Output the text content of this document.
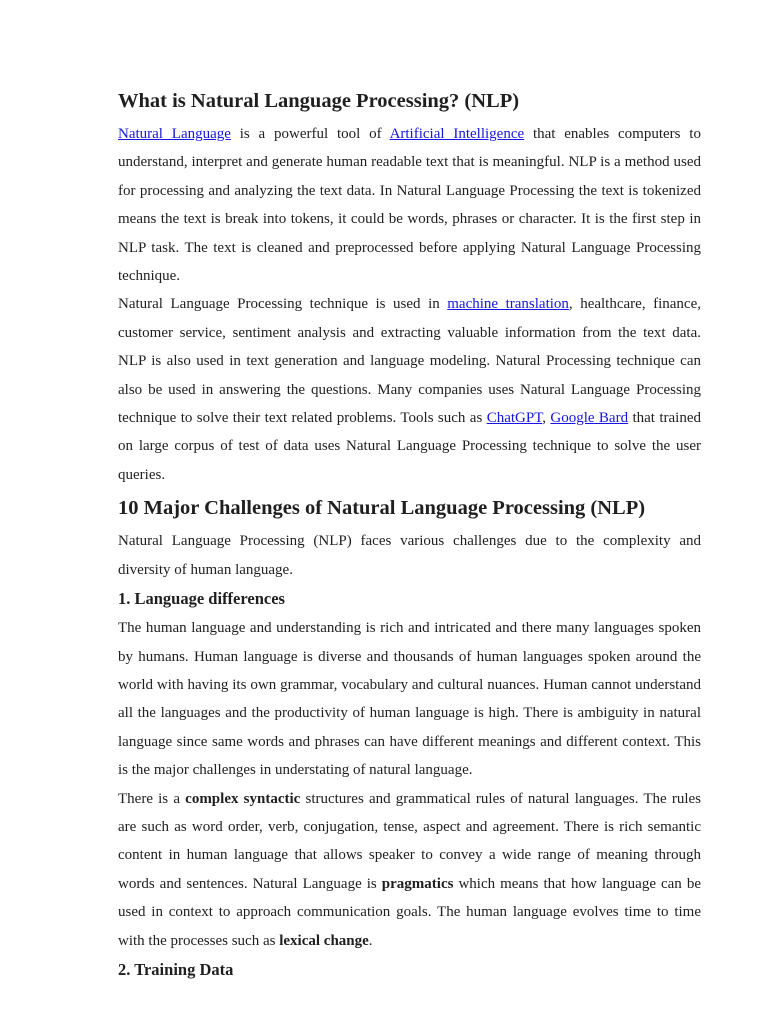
What is Natural Language Processing? (NLP)

Natural Language is a powerful tool of Artificial Intelligence that enables computers to understand, interpret and generate human readable text that is meaningful. NLP is a method used for processing and analyzing the text data. In Natural Language Processing the text is tokenized means the text is break into tokens, it could be words, phrases or character. It is the first step in NLP task. The text is cleaned and preprocessed before applying Natural Language Processing technique.

Natural Language Processing technique is used in machine translation, healthcare, finance, customer service, sentiment analysis and extracting valuable information from the text data. NLP is also used in text generation and language modeling. Natural Processing technique can also be used in answering the questions. Many companies uses Natural Language Processing technique to solve their text related problems. Tools such as ChatGPT, Google Bard that trained on large corpus of test of data uses Natural Language Processing technique to solve the user queries.

10 Major Challenges of Natural Language Processing (NLP)

Natural Language Processing (NLP) faces various challenges due to the complexity and diversity of human language.

1. Language differences

The human language and understanding is rich and intricated and there many languages spoken by humans. Human language is diverse and thousands of human languages spoken around the world with having its own grammar, vocabulary and cultural nuances. Human cannot understand all the languages and the productivity of human language is high. There is ambiguity in natural language since same words and phrases can have different meanings and different context. This is the major challenges in understating of natural language.

There is a complex syntactic structures and grammatical rules of natural languages. The rules are such as word order, verb, conjugation, tense, aspect and agreement. There is rich semantic content in human language that allows speaker to convey a wide range of meaning through words and sentences. Natural Language is pragmatics which means that how language can be used in context to approach communication goals. The human language evolves time to time with the processes such as lexical change.

2. Training Data
